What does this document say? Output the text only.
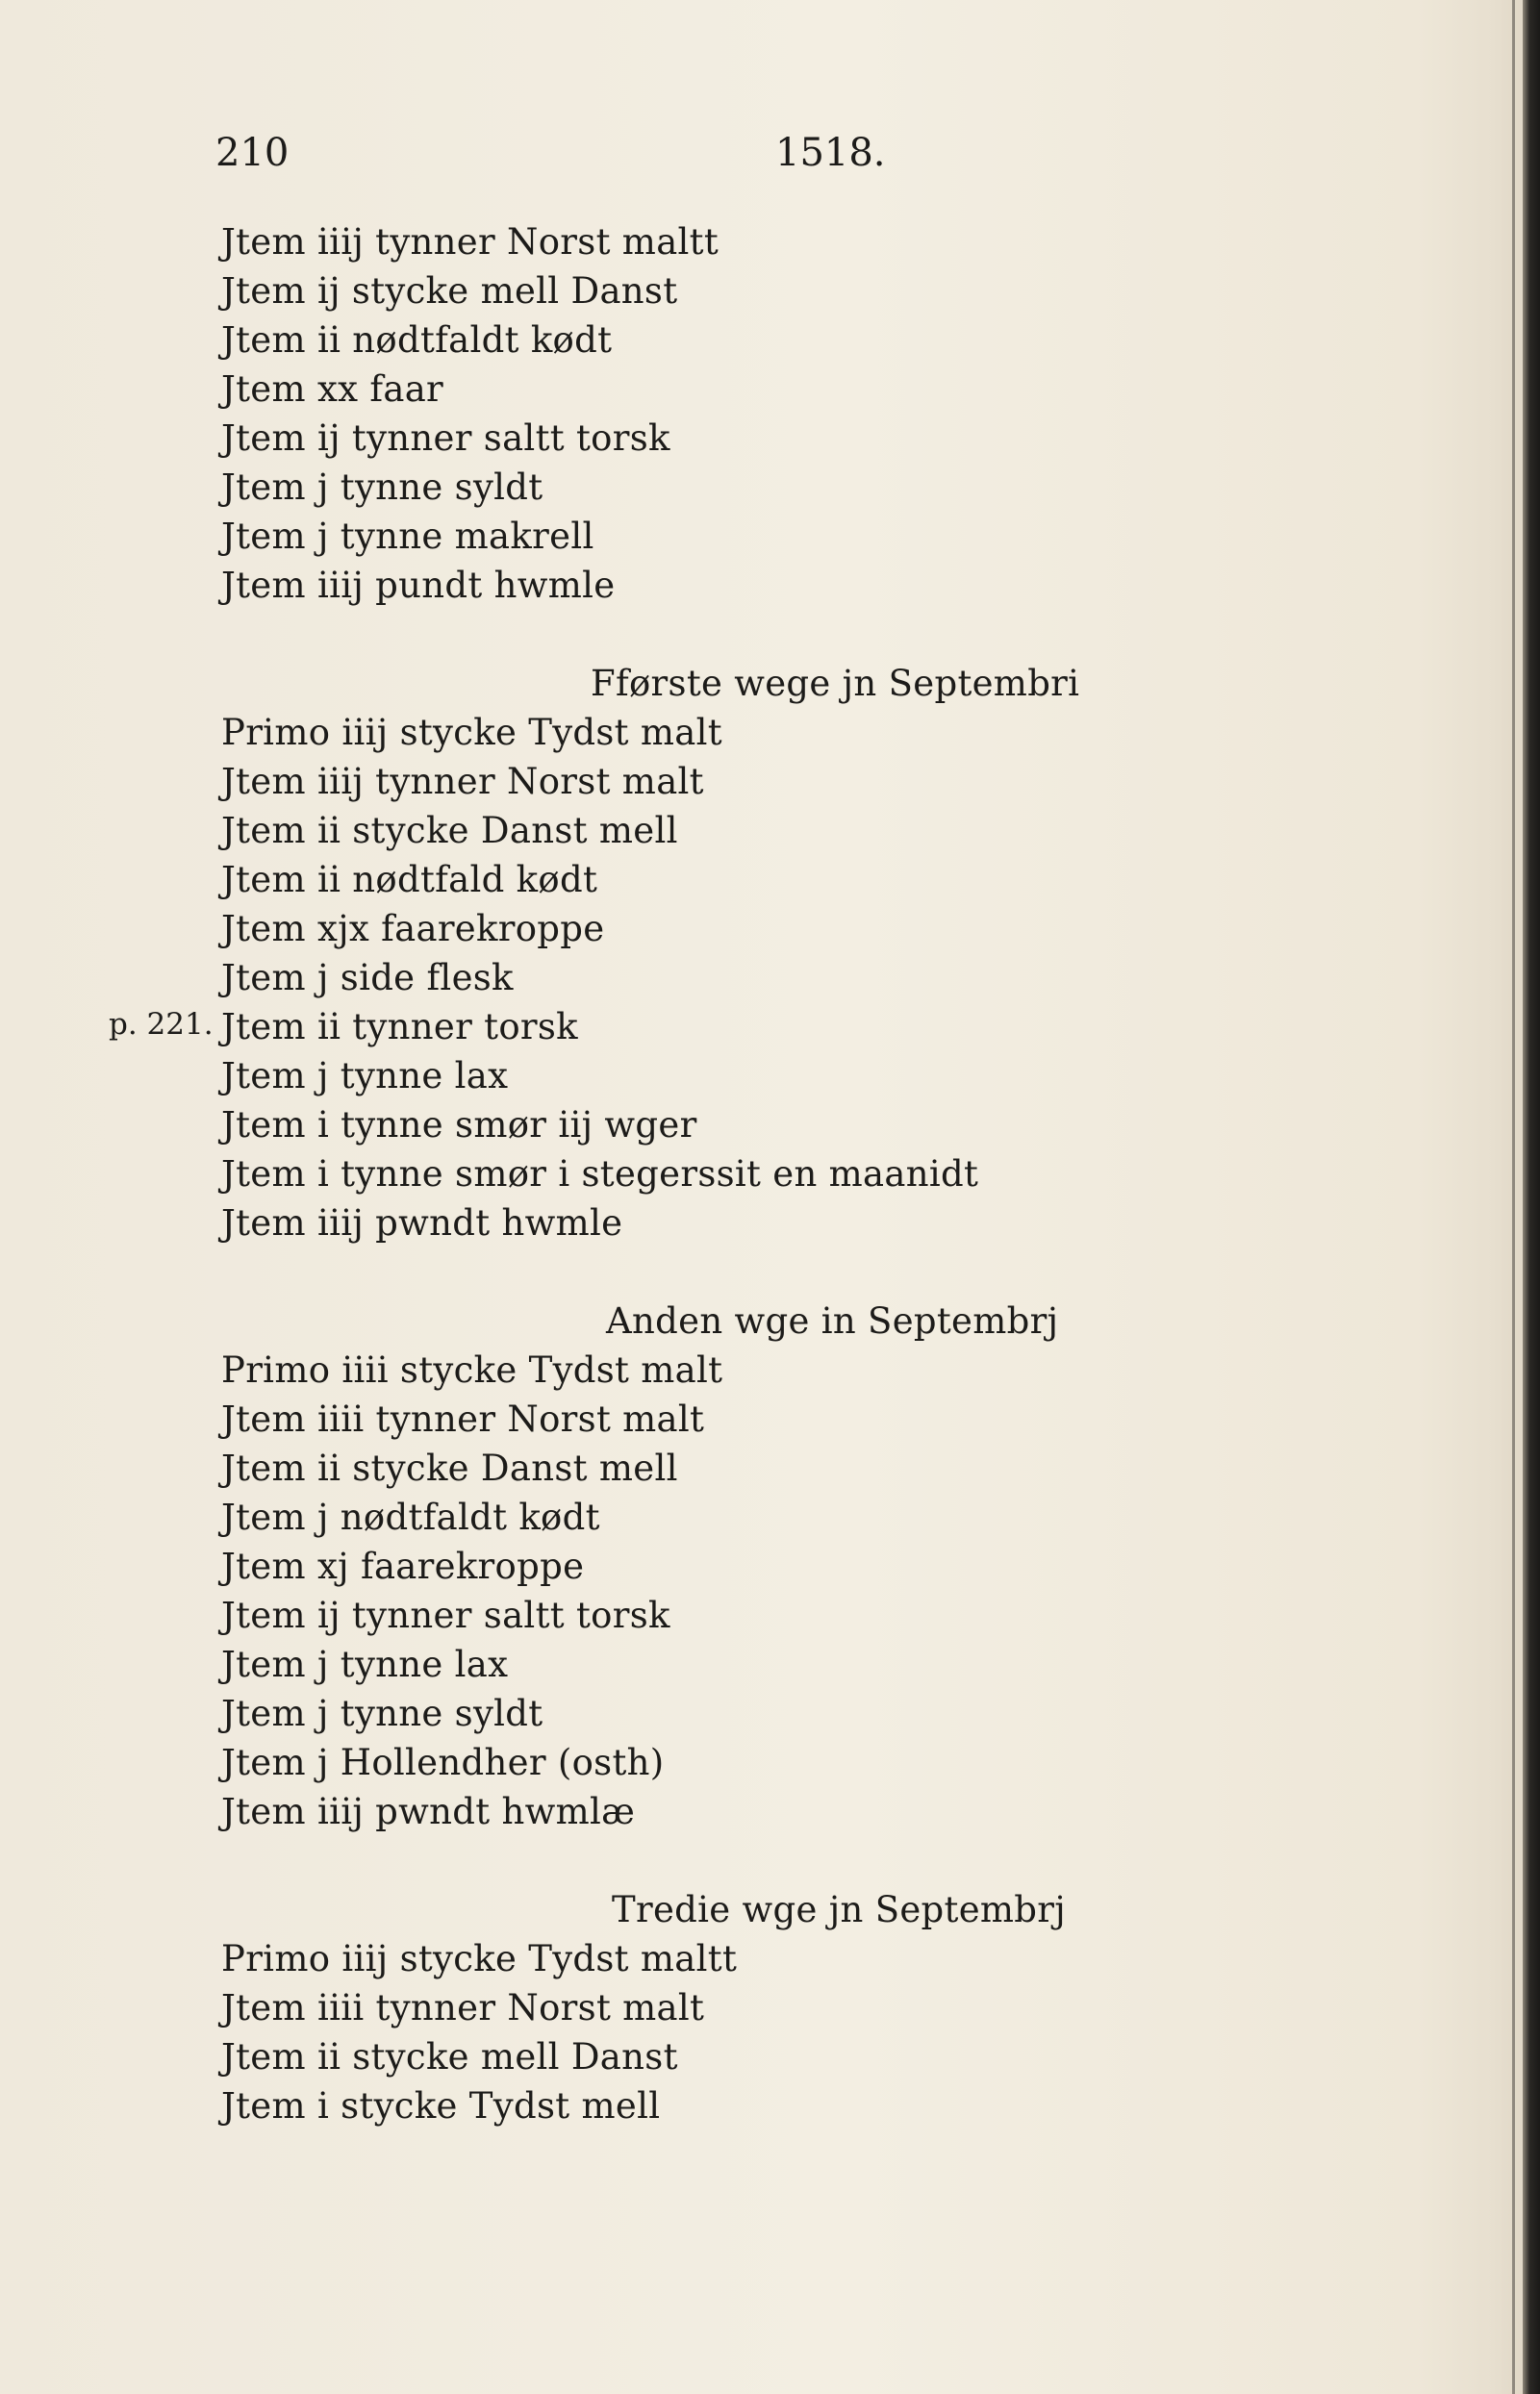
210	1518.
p. 221.
Jtem iiij tynner Norst maltt
Jtem ij stycke mell Danst
Jtem ii nødtfaldt kødt
Jtem xx faar
Jtem ij tynner saltt torsk
Jtem j tynne syldt
Jtem j tynne makrell
Jtem iiij pundt hwmle
Fførste wege jn Septembri
Primo iiij stycke Tydst malt
Jtem iiij tynner Norst malt
Jtem ii stycke Danst mell
Jtem ii nødtfald kødt
Jtem xjx faarekroppe
Jtem j side flesk
Jtem ii tynner torsk
Jtem j tynne lax
Jtem i tynne smør iij wger
Jtem i tynne smør i stegerssit en maanidt
Jtem iiij pwndt hwmle
Anden wge in Septembrj
Primo iiii stycke Tydst malt
Jtem iiii tynner Norst malt
Jtem ii stycke Danst mell
Jtem j nødtfaldt kødt
Jtem xj faarekroppe
Jtem ij tynner saltt torsk
Jtem j tynne lax
Jtem j tynne syldt
Jtem j Hollendher (osth)
Jtem iiij pwndt hwmlæ
Tredie wge jn Septembrj
Primo iiij stycke Tydst maltt
Jtem iiii tynner Norst malt
Jtem ii stycke mell Danst
Jtem i stycke Tydst mell
